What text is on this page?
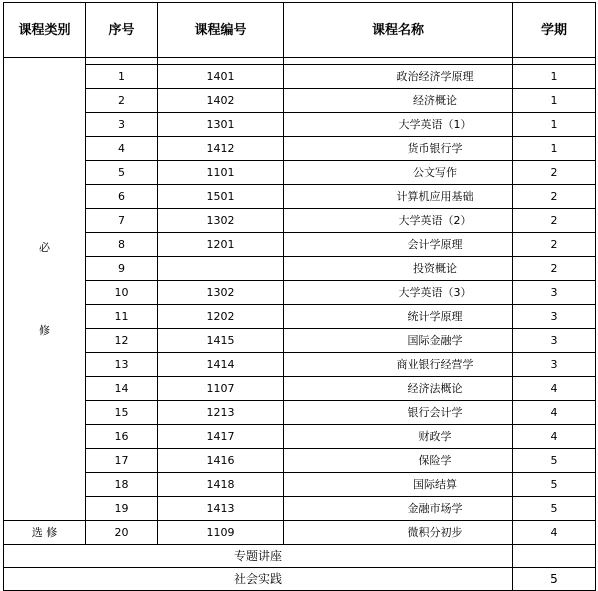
课程类别	序号	课程编号	课程名称	学期

必
修				

	1	1401	政治经济学原理	1
	2	1402	经济概论	1
	3	1301	大学英语（1）	1
	4	1412	货币银行学	1
	5	1101	公文写作	2
	6	1501	计算机应用基础	2
	7	1302	大学英语（2）	2
	8	1201	会计学原理	2
	9		投资概论	2
	10	1302	大学英语（3）	3
	11	1202	统计学原理	3
	12	1415	国际金融学	3
	13	1414	商业银行经营学	3
	14	1107	经济法概论	4
	15	1213	银行会计学	4
	16	1417	财政学	4
	17	1416	保险学	5
	18	1418	国际结算	5
	19	1413	金融市场学	5
选 修	20	1109	微积分初步	4
专题讲座				
社会实践				5
